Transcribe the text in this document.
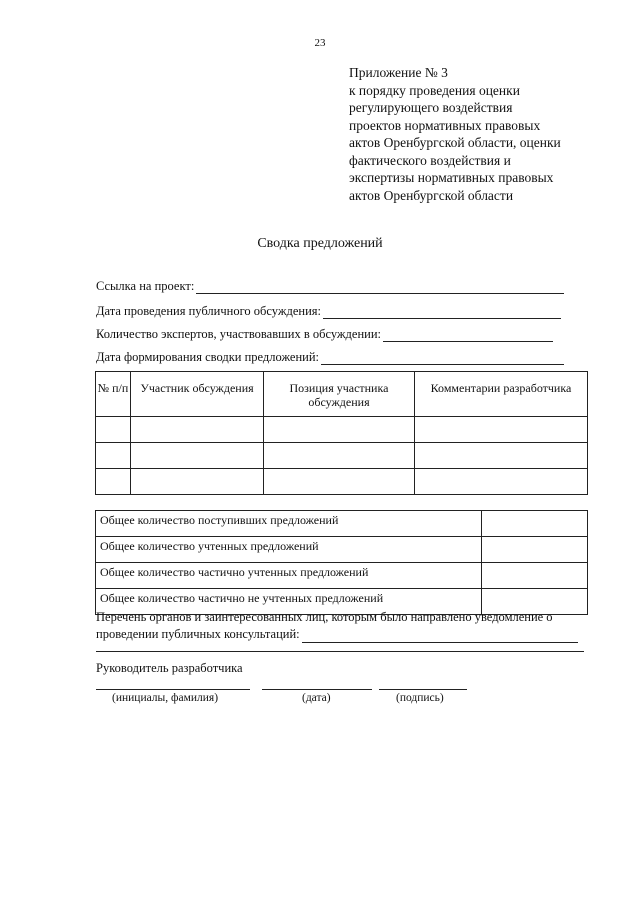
23
Приложение № 3
к порядку проведения оценки
регулирующего воздействия
проектов нормативных правовых
актов Оренбургской области, оценки
фактического воздействия и
экспертизы нормативных правовых
актов Оренбургской области
Сводка предложений
Ссылка на проект:
Дата проведения публичного обсуждения:
Количество экспертов, участвовавших в обсуждении:
Дата формирования сводки предложений:
№ п/п	Участник обсуждения	Позиция участника обсуждения	Комментарии разработчика

Общее количество поступивших предложений	
Общее количество учтенных предложений	
Общее количество частично учтенных предложений	
Общее количество частично не учтенных предложений	
Перечень органов и заинтересованных лиц, которым было направлено уведомление о
проведении публичных консультаций:
Руководитель разработчика
(инициалы, фамилия)	(дата)	(подпись)
